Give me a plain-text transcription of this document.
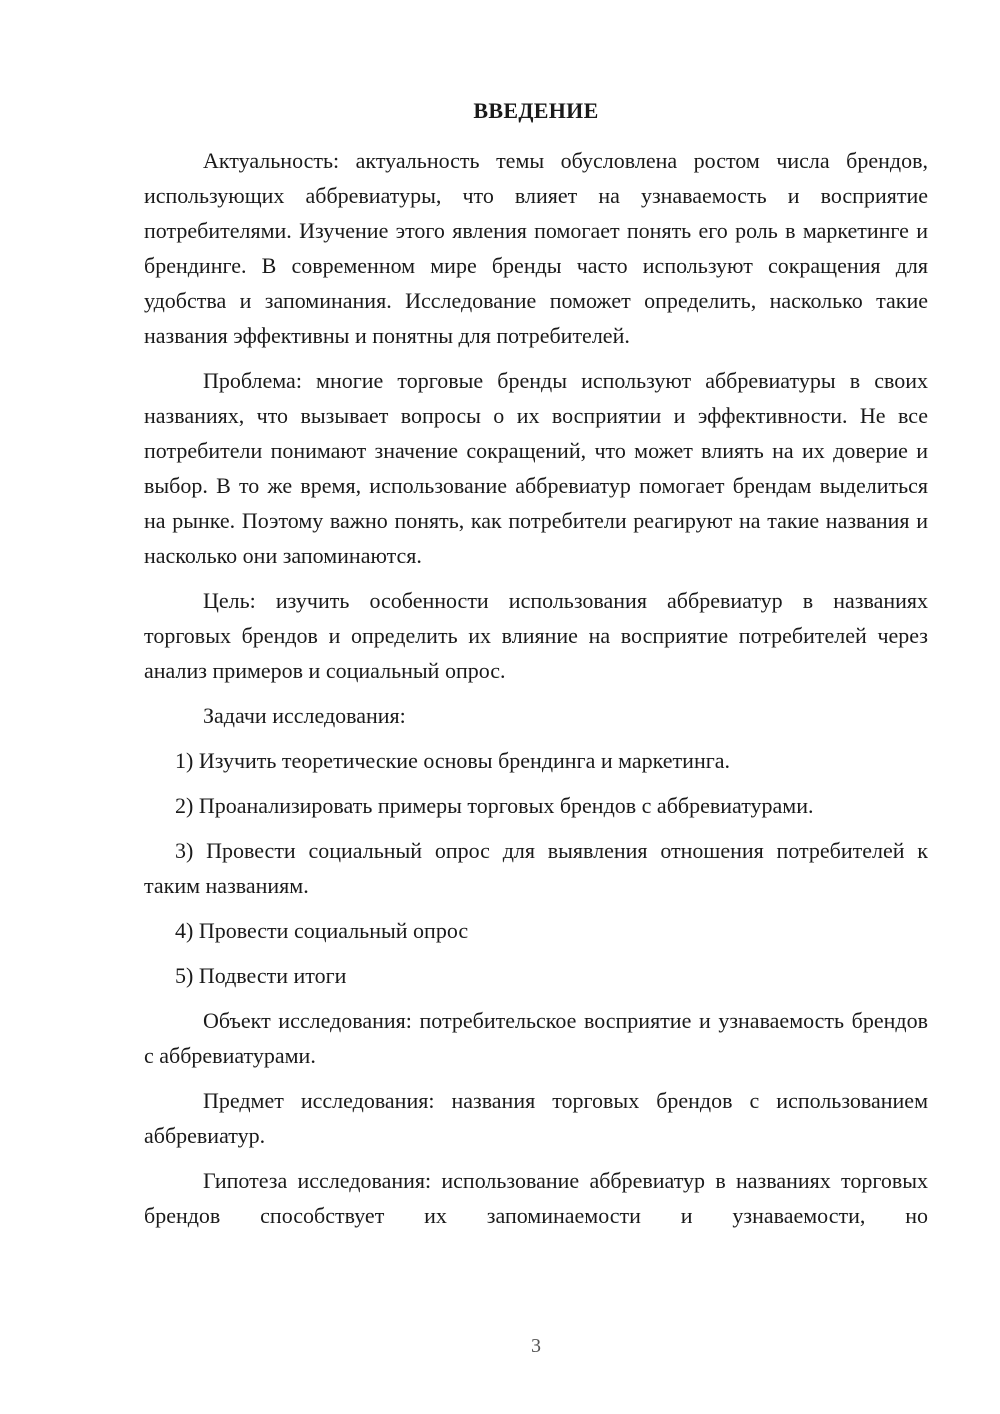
ВВЕДЕНИЕ

Актуальность: актуальность темы обусловлена ростом числа брендов, использующих аббревиатуры, что влияет на узнаваемость и восприятие потребителями. Изучение этого явления помогает понять его роль в маркетинге и брендинге. В современном мире бренды часто используют сокращения для удобства и запоминания. Исследование поможет определить, насколько такие названия эффективны и понятны для потребителей.

Проблема: многие торговые бренды используют аббревиатуры в своих названиях, что вызывает вопросы о их восприятии и эффективности. Не все потребители понимают значение сокращений, что может влиять на их доверие и выбор. В то же время, использование аббревиатур помогает брендам выделиться на рынке. Поэтому важно понять, как потребители реагируют на такие названия и насколько они запоминаются.

Цель: изучить особенности использования аббревиатур в названиях торговых брендов и определить их влияние на восприятие потребителей через анализ примеров и социальный опрос.

Задачи исследования:

1) Изучить теоретические основы брендинга и маркетинга.

2) Проанализировать примеры торговых брендов с аббревиатурами.

3) Провести социальный опрос для выявления отношения потребителей к таким названиям.

4) Провести социальный опрос

5) Подвести итоги

Объект исследования: потребительское восприятие и узнаваемость брендов с аббревиатурами.

Предмет исследования: названия торговых брендов с использованием аббревиатур.

Гипотеза исследования: использование аббревиатур в названиях торговых брендов способствует их запоминаемости и узнаваемости, но

3
